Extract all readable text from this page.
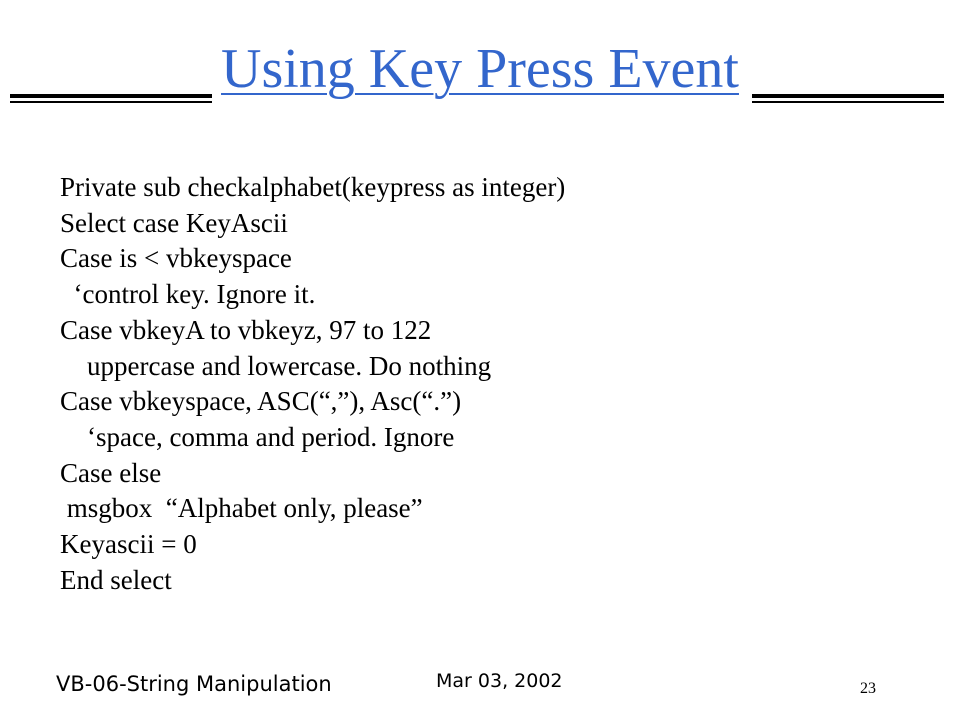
Using Key Press Event
Private sub checkalphabet(keypress as integer)
Select case KeyAscii
Case is < vbkeyspace
‘control key. Ignore it.
Case vbkeyA to vbkeyz, 97 to 122
uppercase and lowercase. Do nothing
Case vbkeyspace, ASC(“,”), Asc(“.”)
‘space, comma and period. Ignore
Case else
msgbox  “Alphabet only, please”
Keyascii = 0
End select
VB-06-String Manipulation	Mar 03, 2002	23
